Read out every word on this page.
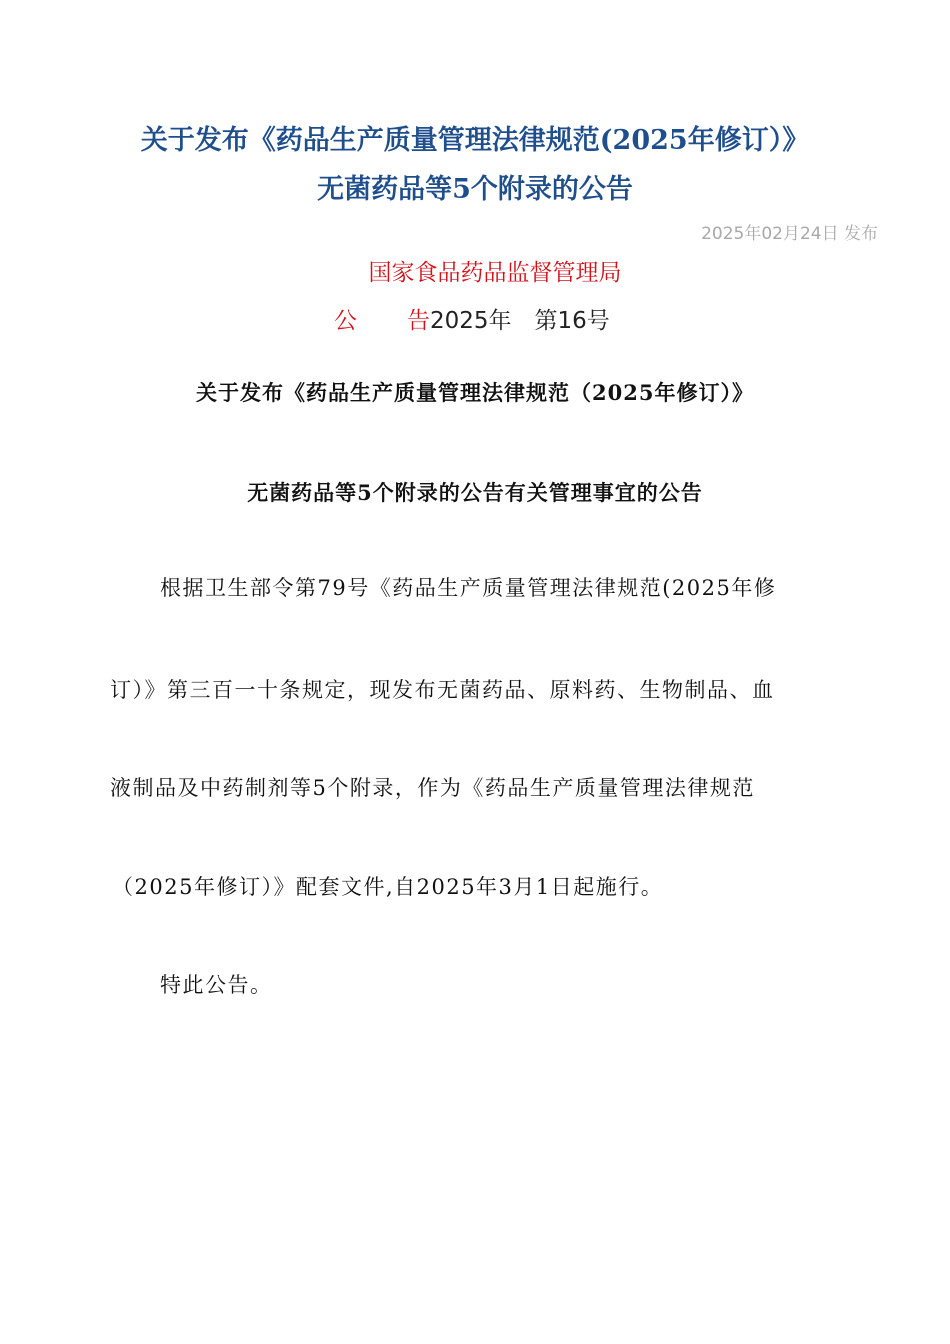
关于发布《药品生产质量管理法律规范(2025年修订）》
无菌药品等5个附录的公告
2025年02月24日 发布
国家食品药品监督管理局
公 告2025年　第16号
关于发布《药品生产质量管理法律规范（2025年修订）》
无菌药品等5个附录的公告有关管理事宜的公告
根据卫生部令第79号《药品生产质量管理法律规范(2025年修
订）》第三百一十条规定，现发布无菌药品、原料药、生物制品、血
液制品及中药制剂等5个附录，作为《药品生产质量管理法律规范
（2025年修订）》配套文件,自2025年3月1日起施行。
特此公告。
